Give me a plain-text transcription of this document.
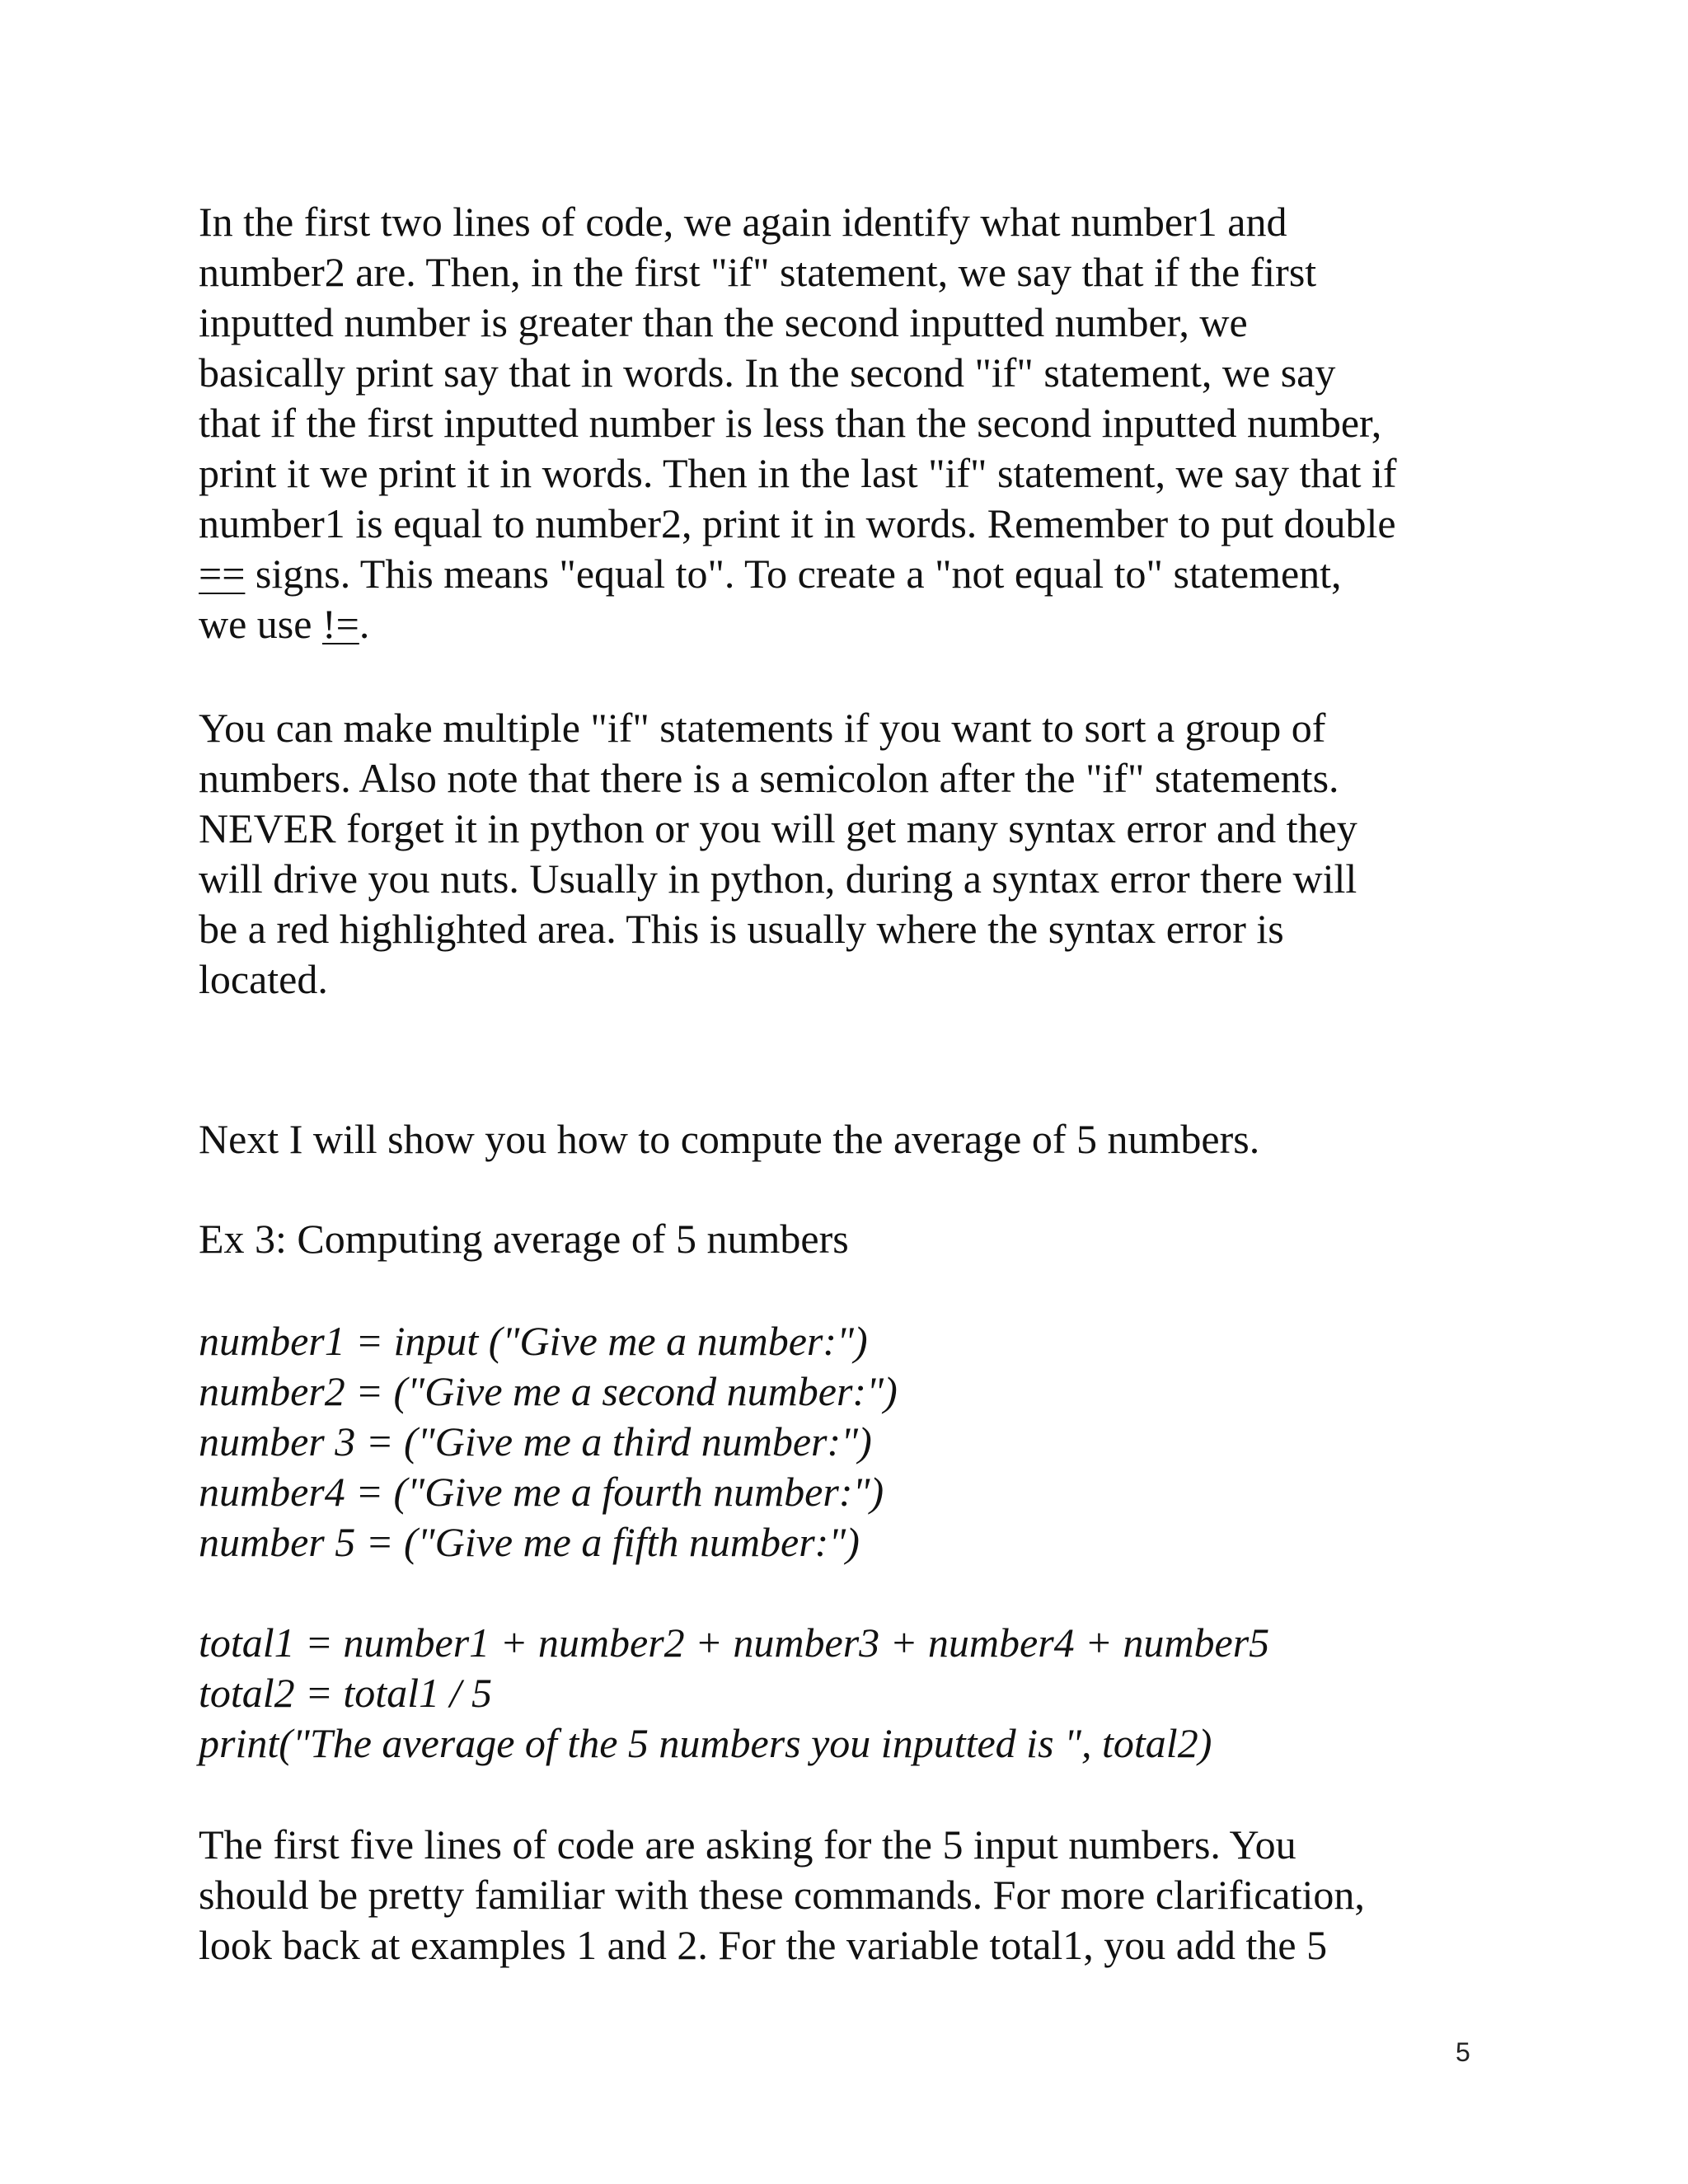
In the first two lines of code, we again identify what number1 and
number2 are. Then, in the first "if" statement, we say that if the first
inputted number is greater than the second inputted number, we
basically print say that in words. In the second "if" statement, we say
that if the first inputted number is less than the second inputted number,
print it we print it in words. Then in the last "if" statement, we say that if
number1 is equal to number2, print it in words. Remember to put double
== signs. This means "equal to". To create a "not equal to" statement,
we use !=.
You can make multiple "if" statements if you want to sort a group of
numbers. Also note that there is a semicolon after the "if" statements.
NEVER forget it in python or you will get many syntax error and they
will drive you nuts. Usually in python, during a syntax error there will
be a red highlighted area. This is usually where the syntax error is
located.
Next I will show you how to compute the average of 5 numbers.
Ex 3: Computing average of 5 numbers
number1 = input ("Give me a number:")
number2 = ("Give me a second number:")
number 3 = ("Give me a third number:")
number4 = ("Give me a fourth number:")
number 5 = ("Give me a fifth number:")
total1 = number1 + number2 + number3 + number4 + number5
total2 = total1 / 5
print("The average of the 5 numbers you inputted is ", total2)
The first five lines of code are asking for the 5 input numbers. You
should be pretty familiar with these commands. For more clarification,
look back at examples 1 and 2. For the variable total1, you add the 5
5
